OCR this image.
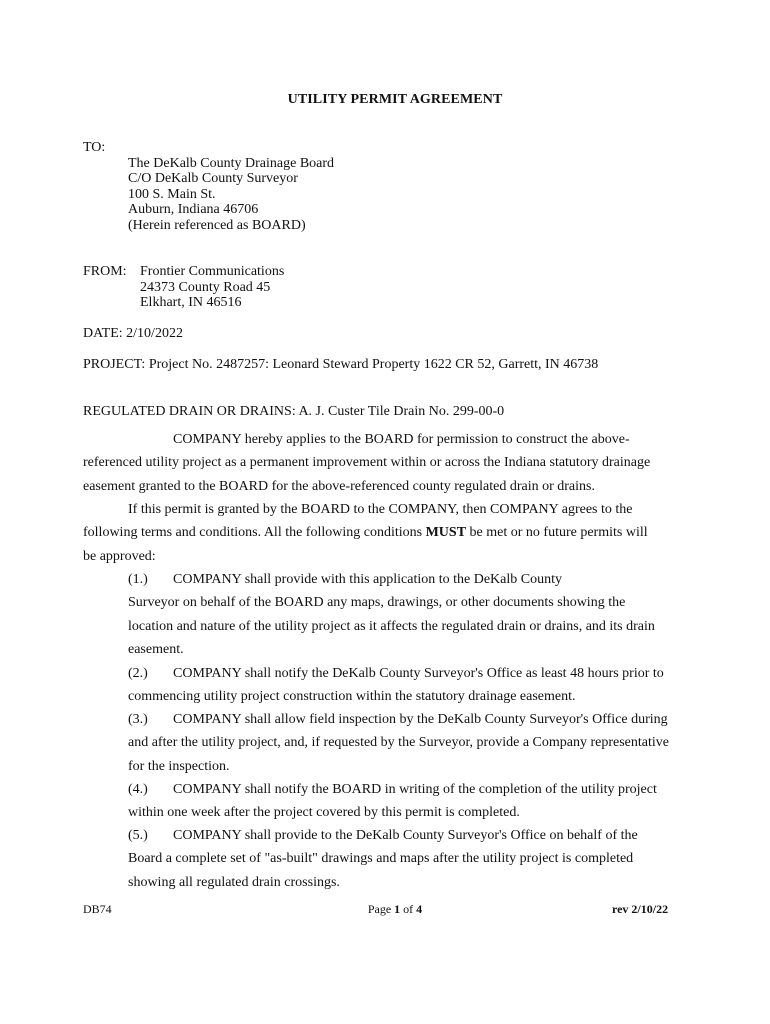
UTILITY PERMIT AGREEMENT
TO:
The DeKalb County Drainage Board
C/O DeKalb County Surveyor
100 S. Main St.
Auburn, Indiana 46706
(Herein referenced as BOARD)
FROM: Frontier Communications
24373 County Road 45
Elkhart, IN 46516
DATE: 2/10/2022
PROJECT: Project No. 2487257: Leonard Steward Property 1622 CR 52, Garrett, IN 46738
REGULATED DRAIN OR DRAINS: A. J. Custer Tile Drain No. 299-00-0
COMPANY hereby applies to the BOARD for permission to construct the above-
referenced utility project as a permanent improvement within or across the Indiana statutory drainage
easement granted to the BOARD for the above-referenced county regulated drain or drains.
If this permit is granted by the BOARD to the COMPANY, then COMPANY agrees to the
following terms and conditions. All the following conditions MUST be met or no future permits will
be approved:
(1.) COMPANY shall provide with this application to the DeKalb County
Surveyor on behalf of the BOARD any maps, drawings, or other documents showing the
location and nature of the utility project as it affects the regulated drain or drains, and its drain
easement.
(2.) COMPANY shall notify the DeKalb County Surveyor's Office as least 48 hours prior to
commencing utility project construction within the statutory drainage easement.
(3.) COMPANY shall allow field inspection by the DeKalb County Surveyor's Office during
and after the utility project, and, if requested by the Surveyor, provide a Company representative
for the inspection.
(4.) COMPANY shall notify the BOARD in writing of the completion of the utility project
within one week after the project covered by this permit is completed.
(5.) COMPANY shall provide to the DeKalb County Surveyor's Office on behalf of the
Board a complete set of "as-built" drawings and maps after the utility project is completed
showing all regulated drain crossings.
DB74	Page 1 of 4	rev 2/10/22
